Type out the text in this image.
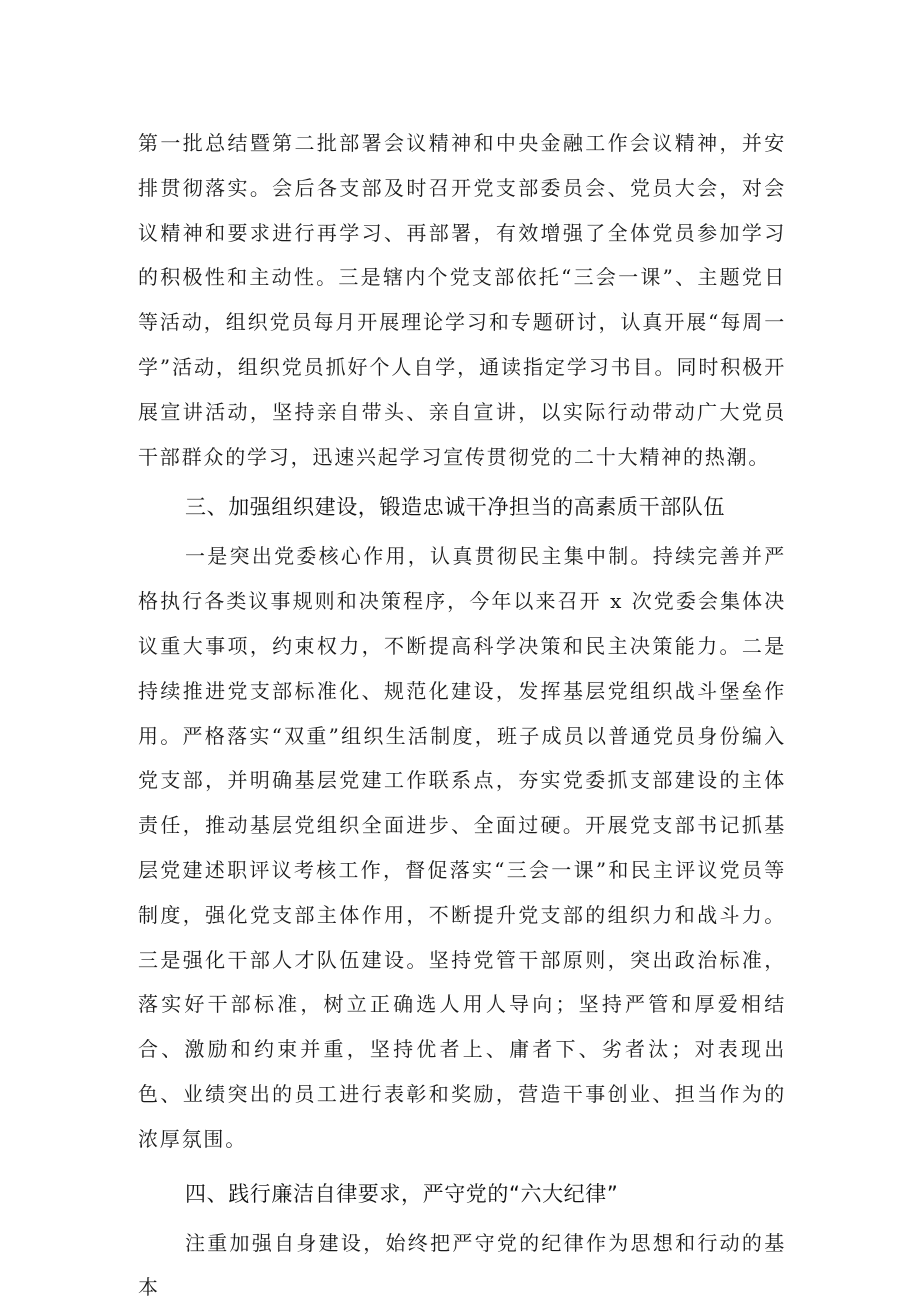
第一批总结暨第二批部署会议精神和中央金融工作会议精神，并安排贯彻落实。会后各支部及时召开党支部委员会、党员大会，对会议精神和要求进行再学习、再部署，有效增强了全体党员参加学习的积极性和主动性。三是辖内个党支部依托“三会一课”、主题党日等活动，组织党员每月开展理论学习和专题研讨，认真开展“每周一学”活动，组织党员抓好个人自学，通读指定学习书目。同时积极开展宣讲活动，坚持亲自带头、亲自宣讲，以实际行动带动广大党员干部群众的学习，迅速兴起学习宣传贯彻党的二十大精神的热潮。

三、加强组织建设，锻造忠诚干净担当的高素质干部队伍

一是突出党委核心作用，认真贯彻民主集中制。持续完善并严格执行各类议事规则和决策程序，今年以来召开 x 次党委会集体决议重大事项，约束权力，不断提高科学决策和民主决策能力。二是持续推进党支部标准化、规范化建设，发挥基层党组织战斗堡垒作用。严格落实“双重”组织生活制度，班子成员以普通党员身份编入党支部，并明确基层党建工作联系点，夯实党委抓支部建设的主体责任，推动基层党组织全面进步、全面过硬。开展党支部书记抓基层党建述职评议考核工作，督促落实“三会一课”和民主评议党员等制度，强化党支部主体作用，不断提升党支部的组织力和战斗力。三是强化干部人才队伍建设。坚持党管干部原则，突出政治标准，落实好干部标准，树立正确选人用人导向；坚持严管和厚爱相结合、激励和约束并重，坚持优者上、庸者下、劣者汰；对表现出色、业绩突出的员工进行表彰和奖励，营造干事创业、担当作为的浓厚氛围。

四、践行廉洁自律要求，严守党的“六大纪律”

注重加强自身建设，始终把严守党的纪律作为思想和行动的基本
